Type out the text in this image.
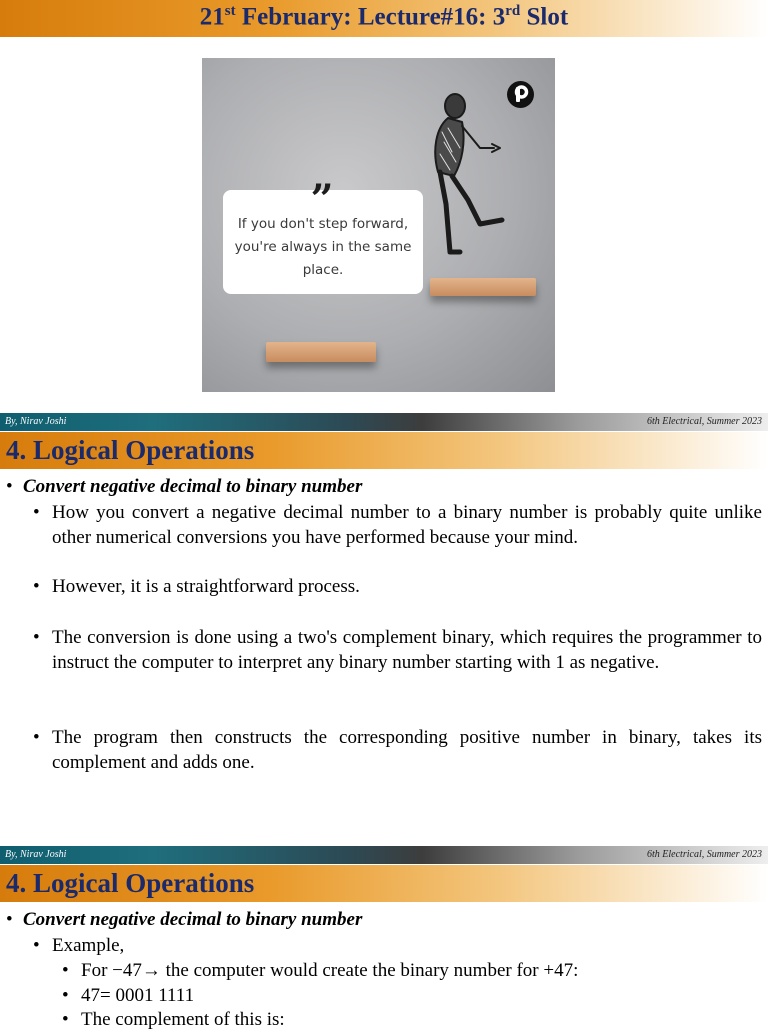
21st February: Lecture#16: 3rd Slot
”
If you don't step forward, you're always in the same place.
By, Nirav Joshi	6th Electrical, Summer 2023
4. Logical Operations
• Convert negative decimal to binary number
• How you convert a negative decimal number to a binary number is probably quite unlike other numerical conversions you have performed because your mind.
• However, it is a straightforward process.
• The conversion is done using a two's complement binary, which requires the programmer to instruct the computer to interpret any binary number starting with 1 as negative.
• The program then constructs the corresponding positive number in binary, takes its complement and adds one.
By, Nirav Joshi	6th Electrical, Summer 2023
4. Logical Operations
• Convert negative decimal to binary number
• Example,
• For −47→ the computer would create the binary number for +47:
• 47= 0001 1111
• The complement of this is:
